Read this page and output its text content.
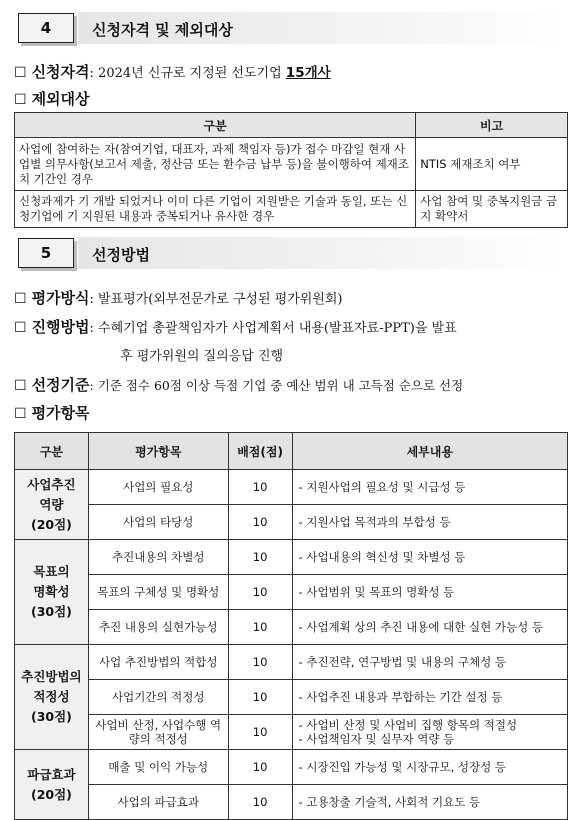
4	신청자격 및 제외대상
☐ 신청자격: 2024년 신규로 지정된 선도기업 15개사
☐ 제외대상
구분	비고
사업에 참여하는 자(참여기업, 대표자, 과제 책임자 등)가 접수 마감일 현재 사업별 의무사항(보고서 제출, 정산금 또는 환수금 납부 등)을 불이행하여 제재조치 기간인 경우	NTIS 제재조치 여부
신청과제가 기 개발 되었거나 이미 다른 기업이 지원받은 기술과 동일, 또는 신청기업에 기 지원된 내용과 중복되거나 유사한 경우	사업 참여 및 중복지원금 금지 확약서
5	선정방법
☐ 평가방식: 발표평가(외부전문가로 구성된 평가위원회)
☐ 진행방법: 수혜기업 총괄책임자가 사업계획서 내용(발표자료-PPT)을 발표
후 평가위원의 질의응답 진행
☐ 선정기준: 기준 점수 60점 이상 득점 기업 중 예산 범위 내 고득점 순으로 선정
☐ 평가항목
구분	평가항목	배점(점)	세부내용

사업추진
역량
(20점)	사업의 필요성	10	- 지원사업의 필요성 및 시급성 등
	사업의 타당성	10	- 지원사업 목적과의 부합성 등

목표의
명확성
(30점)	추진내용의 차별성	10	- 사업내용의 혁신성 및 차별성 등
	목표의 구체성 및 명확성	10	- 사업범위 및 목표의 명확성 등
	추진 내용의 실현가능성	10	- 사업계획 상의 추진 내용에 대한 실현 가능성 등

추진방법의
적정성
(30점)	사업 추진방법의 적합성	10	- 추진전략, 연구방법 및 내용의 구체성 등
	사업기간의 적정성	10	- 사업추진 내용과 부합하는 기간 설정 등
	사업비 산정, 사업수행 역량의 적정성	10	- 사업비 산정 및 사업비 집행 항목의 적절성
- 사업책임자 및 실무자 역량 등

파급효과
(20점)	매출 및 이익 가능성	10	- 시장진입 가능성 및 시장규모, 성장성 등
	사업의 파급효과	10	- 고용창출 기술적, 사회적 기요도 등
